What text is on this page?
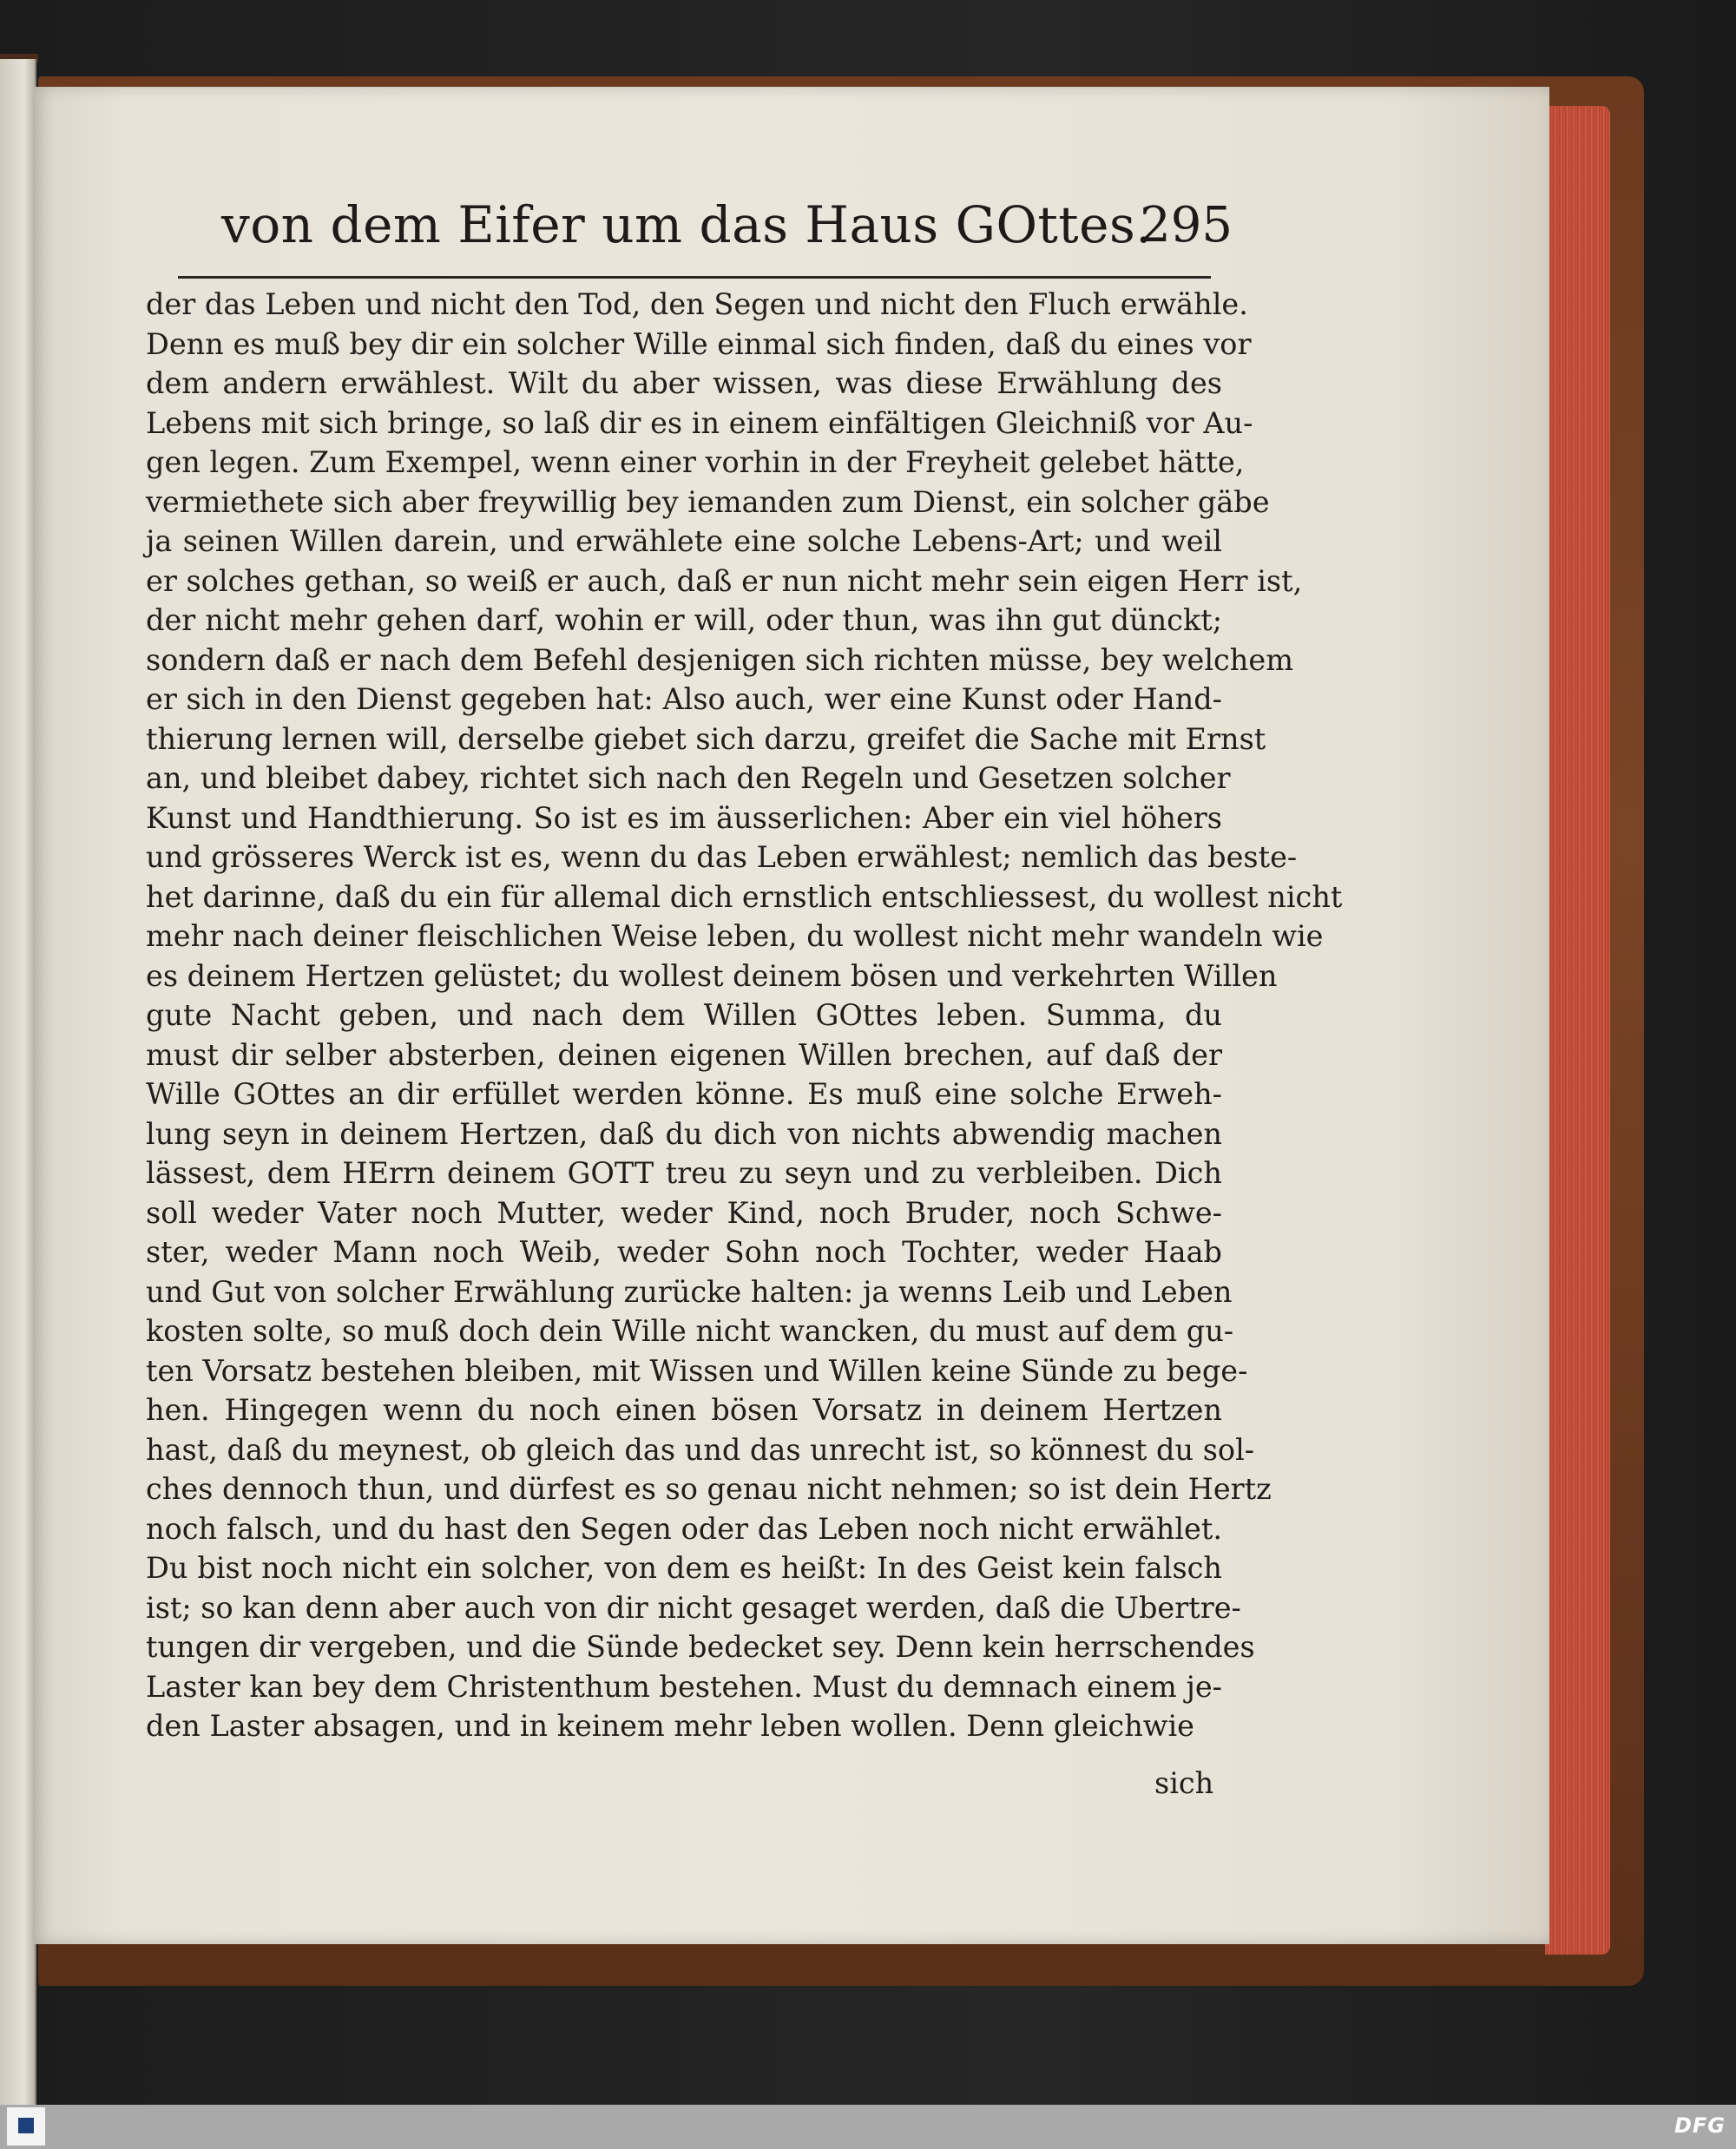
von dem Eifer um das Haus GOttes.
295
der das Leben und nicht den Tod, den Segen und nicht den Fluch erwähle.
Denn es muß bey dir ein solcher Wille einmal sich finden, daß du eines vor
dem andern erwählest. Wilt du aber wissen, was diese Erwählung des
Lebens mit sich bringe, so laß dir es in einem einfältigen Gleichniß vor Au-
gen legen. Zum Exempel, wenn einer vorhin in der Freyheit gelebet hätte,
vermiethete sich aber freywillig bey iemanden zum Dienst, ein solcher gäbe
ja seinen Willen darein, und erwählete eine solche Lebens-Art; und weil
er solches gethan, so weiß er auch, daß er nun nicht mehr sein eigen Herr ist,
der nicht mehr gehen darf, wohin er will, oder thun, was ihn gut dünckt;
sondern daß er nach dem Befehl desjenigen sich richten müsse, bey welchem
er sich in den Dienst gegeben hat: Also auch, wer eine Kunst oder Hand-
thierung lernen will, derselbe giebet sich darzu, greifet die Sache mit Ernst
an, und bleibet dabey, richtet sich nach den Regeln und Gesetzen solcher
Kunst und Handthierung. So ist es im äusserlichen: Aber ein viel höhers
und grösseres Werck ist es, wenn du das Leben erwählest; nemlich das beste-
het darinne, daß du ein für allemal dich ernstlich entschliessest, du wollest nicht
mehr nach deiner fleischlichen Weise leben, du wollest nicht mehr wandeln wie
es deinem Hertzen gelüstet; du wollest deinem bösen und verkehrten Willen
gute Nacht geben, und nach dem Willen GOttes leben. Summa, du
must dir selber absterben, deinen eigenen Willen brechen, auf daß der
Wille GOttes an dir erfüllet werden könne. Es muß eine solche Erweh-
lung seyn in deinem Hertzen, daß du dich von nichts abwendig machen
lässest, dem HErrn deinem GOTT treu zu seyn und zu verbleiben. Dich
soll weder Vater noch Mutter, weder Kind, noch Bruder, noch Schwe-
ster, weder Mann noch Weib, weder Sohn noch Tochter, weder Haab
und Gut von solcher Erwählung zurücke halten: ja wenns Leib und Leben
kosten solte, so muß doch dein Wille nicht wancken, du must auf dem gu-
ten Vorsatz bestehen bleiben, mit Wissen und Willen keine Sünde zu bege-
hen. Hingegen wenn du noch einen bösen Vorsatz in deinem Hertzen
hast, daß du meynest, ob gleich das und das unrecht ist, so könnest du sol-
ches dennoch thun, und dürfest es so genau nicht nehmen; so ist dein Hertz
noch falsch, und du hast den Segen oder das Leben noch nicht erwählet.
Du bist noch nicht ein solcher, von dem es heißt: In des Geist kein falsch
ist; so kan denn aber auch von dir nicht gesaget werden, daß die Ubertre-
tungen dir vergeben, und die Sünde bedecket sey. Denn kein herrschendes
Laster kan bey dem Christenthum bestehen. Must du demnach einem je-
den Laster absagen, und in keinem mehr leben wollen. Denn gleichwie
sich
DFG
